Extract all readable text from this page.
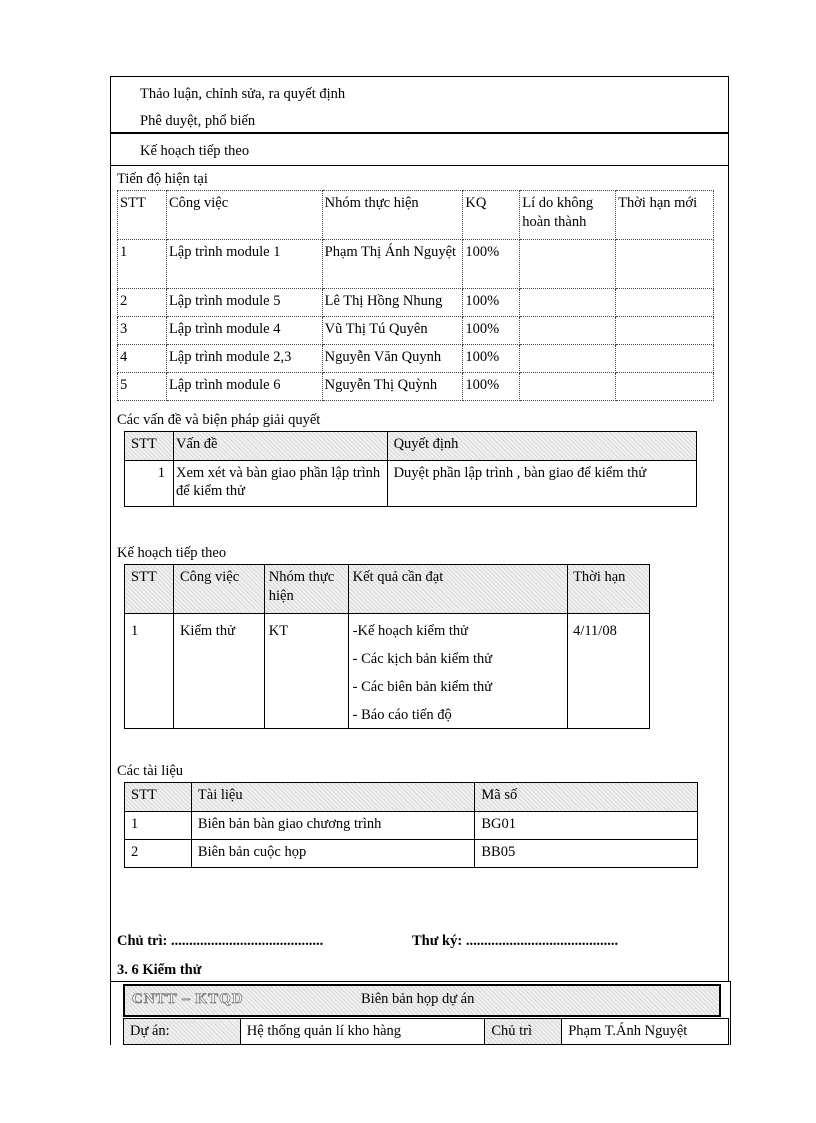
Thảo luận, chỉnh sửa, ra quyết định
Phê duyệt, phổ biến
Kế hoạch tiếp theo
Tiến độ hiện tại
STT	Công việc	Nhóm thực hiện	KQ	Lí do không hoàn thành	Thời hạn mới
1	Lập trình module 1	Phạm Thị Ánh Nguyệt	100%		
2	Lập trình module 5	Lê Thị Hồng Nhung	100%		
3	Lập trình module 4	Vũ Thị Tú Quyên	100%		
4	Lập trình module 2,3	Nguyễn Văn Quynh	100%		
5	Lập trình module 6	Nguyễn Thị Quỳnh	100%		
Các vấn đề và biện pháp giải quyết
STT	Vấn đề	Quyết định
1	Xem xét và bàn giao phần lập trình để kiểm thử	Duyệt phần lập trình , bàn giao để kiểm thử
Kế hoạch tiếp theo
STT	Công việc	Nhóm thực hiện	Kết quả cần đạt	Thời hạn
1	Kiểm thử	KT	-Kế hoạch kiểm thử
- Các kịch bản kiểm thử
- Các biên bản kiểm thử
- Báo cáo tiến độ	4/11/08
Các tài liệu
STT	Tài liệu	Mã số
1	Biên bản bàn giao chương trình	BG01
2	Biên bản cuộc họp	BB05
Chủ trì: ..........................................	Thư ký: ..........................................
3. 6 Kiểm thử
CNTT – KTQD	Biên bản họp dự án
Dự án:	Hệ thống quản lí kho hàng	Chủ trì	Phạm T.Ánh Nguyệt
